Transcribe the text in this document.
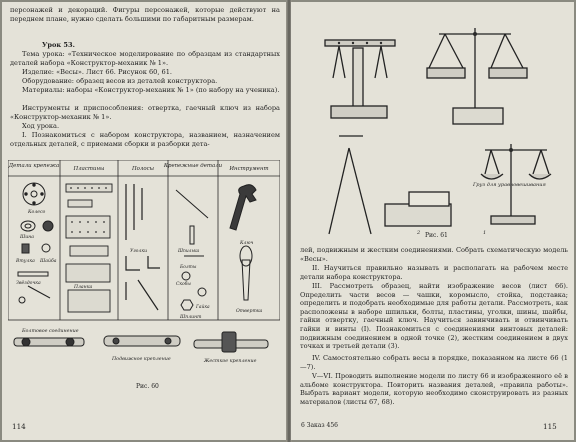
персонажей и декораций. Фигуры персонажей, которые действуют на переднем плане, нужно сделать большими по габаритным размерам.
Урок 53.
Тема урока: «Техническое моделирование по образцам из стандартных деталей набора «Конструктор-механик № 1».
Изделие: «Весы». Лист 66. Рисунок 60, 61.
Оборудование: образец весов из деталей конструктора.
Материалы: наборы «Конструктор-механик № 1» (по набору на ученика).
Инструменты и приспособления: отвертка, гаечный ключ из набора «Конструктор-механик № 1».
Ход урока.
I. Познакомиться с набором конструктора, названием, назначением отдельных деталей, с приемами сборки и разборки дета-
Детали крепежа	Пластины	Полосы Крепежные детали Инструмент
Колесо
Шина
Втулка Шайба
Звёздочка
Планка
Уголки	Шпилька
Болты
Скобы
Гайка
Ключ
Отвертка
Шплинт
Болтовое соединение
Подвижное крепление	Жесткое крепление
Рис. 60
114
Груз для уравновешивания
1
2 Рис. 61
лей, подвижным и жестким соединениями. Собрать схематическую модель «Весы».
II. Научиться правильно называть и располагать на рабочем месте детали набора конструктора.
III. Рассмотреть образец, найти изображение весов (лист 66). Определить части весов — чашки, коромысло, стойка, подставка; определить и подобрать необходимые для работы детали. Рассмотреть, как расположены в наборе шпильки, болты, пластины, уголки, шины, шайбы, гайки отвертку, гаечный ключ. Научиться завинчивать и отвинчивать гайки и винты (I). Познакомиться с соединениями винтовых деталей: подвижным соединением в одной точке (2), жестким соединением в двух точках и третьей детали (3).
IV. Самостоятельно собрать весы в порядке, показанном на листе 66 (1—7).
V—VI. Проводить выполнение модели по листу 66 и изображенного её в альбоме конструктора. Повторить названия деталей, «правила работы». Выбрать вариант модели, которую необходимо сконструировать из разных материалов (листы 67, 68).
6 Заказ 456	115
